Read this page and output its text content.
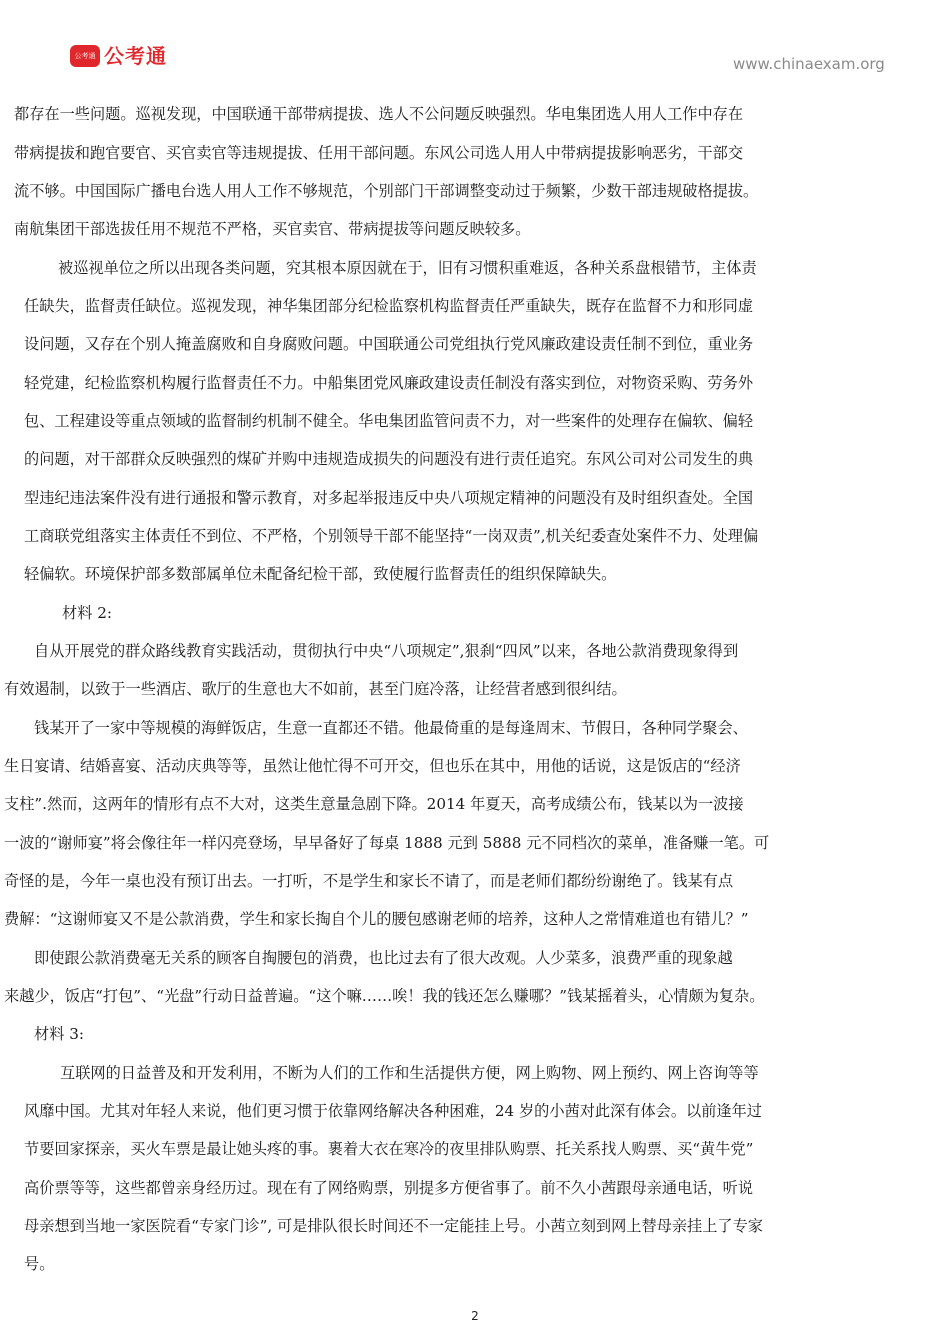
公考通 公考通	www.chinaexam.org
都存在一些问题。巡视发现，中国联通干部带病提拔、选人不公问题反映强烈。华电集团选人用人工作中存在
带病提拔和跑官要官、买官卖官等违规提拔、任用干部问题。东风公司选人用人中带病提拔影响恶劣，干部交
流不够。中国国际广播电台选人用人工作不够规范，个别部门干部调整变动过于频繁，少数干部违规破格提拔。
南航集团干部选拔任用不规范不严格，买官卖官、带病提拔等问题反映较多。
被巡视单位之所以出现各类问题，究其根本原因就在于，旧有习惯积重难返，各种关系盘根错节，主体责
任缺失，监督责任缺位。巡视发现，神华集团部分纪检监察机构监督责任严重缺失，既存在监督不力和形同虚
设问题，又存在个别人掩盖腐败和自身腐败问题。中国联通公司党组执行党风廉政建设责任制不到位，重业务
轻党建，纪检监察机构履行监督责任不力。中船集团党风廉政建设责任制没有落实到位，对物资采购、劳务外
包、工程建设等重点领域的监督制约机制不健全。华电集团监管问责不力，对一些案件的处理存在偏软、偏轻
的问题，对干部群众反映强烈的煤矿并购中违规造成损失的问题没有进行责任追究。东风公司对公司发生的典
型违纪违法案件没有进行通报和警示教育，对多起举报违反中央八项规定精神的问题没有及时组织查处。全国
工商联党组落实主体责任不到位、不严格，个别领导干部不能坚持“一岗双责”,机关纪委查处案件不力、处理偏
轻偏软。环境保护部多数部属单位未配备纪检干部，致使履行监督责任的组织保障缺失。
材料 2:
自从开展党的群众路线教育实践活动，贯彻执行中央“八项规定”,狠刹“四风”以来，各地公款消费现象得到
有效遏制，以致于一些酒店、歌厅的生意也大不如前，甚至门庭冷落，让经营者感到很纠结。
钱某开了一家中等规模的海鲜饭店，生意一直都还不错。他最倚重的是每逢周末、节假日，各种同学聚会、
生日宴请、结婚喜宴、活动庆典等等，虽然让他忙得不可开交，但也乐在其中，用他的话说，这是饭店的“经济
支柱”.然而，这两年的情形有点不大对，这类生意量急剧下降。2014 年夏天，高考成绩公布，钱某以为一波接
一波的“谢师宴”将会像往年一样闪亮登场，早早备好了每桌 1888 元到 5888 元不同档次的菜单，准备赚一笔。可
奇怪的是，今年一桌也没有预订出去。一打听，不是学生和家长不请了，而是老师们都纷纷谢绝了。钱某有点
费解：“这谢师宴又不是公款消费，学生和家长掏自个儿的腰包感谢老师的培养，这种人之常情难道也有错儿？”
即使跟公款消费毫无关系的顾客自掏腰包的消费，也比过去有了很大改观。人少菜多，浪费严重的现象越
来越少，饭店“打包”、“光盘”行动日益普遍。“这个嘛……唉！我的钱还怎么赚哪？”钱某摇着头，心情颇为复杂。
材料 3:
互联网的日益普及和开发利用，不断为人们的工作和生活提供方便，网上购物、网上预约、网上咨询等等
风靡中国。尤其对年轻人来说，他们更习惯于依靠网络解决各种困难，24 岁的小茜对此深有体会。以前逢年过
节要回家探亲，买火车票是最让她头疼的事。裹着大衣在寒冷的夜里排队购票、托关系找人购票、买“黄牛党”
高价票等等，这些都曾亲身经历过。现在有了网络购票，别提多方便省事了。前不久小茜跟母亲通电话，听说
母亲想到当地一家医院看“专家门诊”, 可是排队很长时间还不一定能挂上号。小茜立刻到网上替母亲挂上了专家
号。
2
